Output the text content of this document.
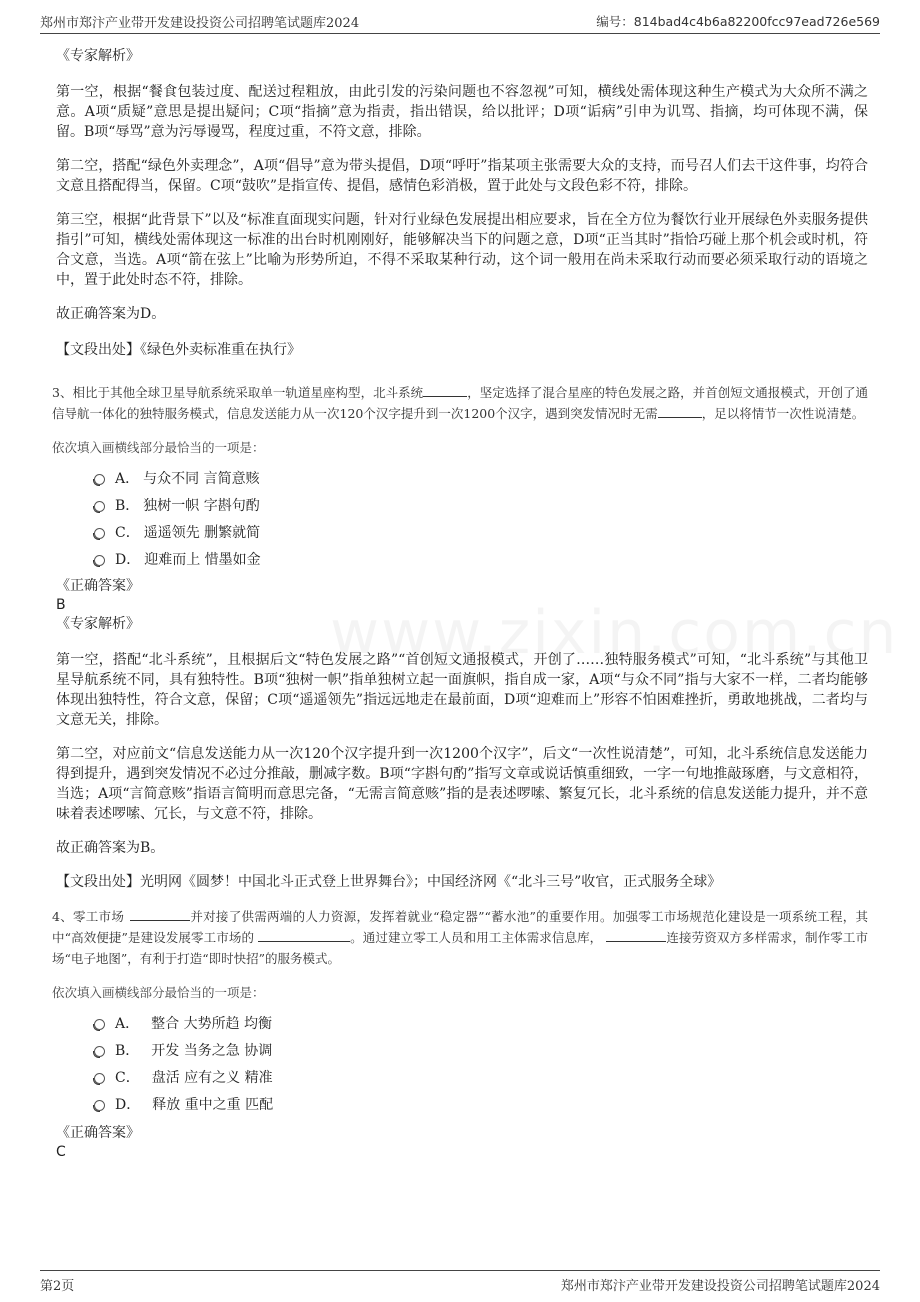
郑州市郑汴产业带开发建设投资公司招聘笔试题库2024	编号：814bad4c4b6a82200fcc97ead726e569
《专家解析》

第一空，根据“餐食包装过度、配送过程粗放，由此引发的污染问题也不容忽视”可知，横线处需体现这种生产模式为大众所不满之意。A项“质疑”意思是提出疑问；C项“指摘”意为指责，指出错误，给以批评；D项“诟病”引申为讥骂、指摘，均可体现不满，保留。B项“辱骂”意为污辱谩骂，程度过重，不符文意，排除。

第二空，搭配“绿色外卖理念”，A项“倡导”意为带头提倡，D项“呼吁”指某项主张需要大众的支持，而号召人们去干这件事，均符合文意且搭配得当，保留。C项“鼓吹”是指宣传、提倡，感情色彩消极，置于此处与文段色彩不符，排除。

第三空，根据“此背景下”以及“标准直面现实问题，针对行业绿色发展提出相应要求，旨在全方位为餐饮行业开展绿色外卖服务提供指引”可知，横线处需体现这一标准的出台时机刚刚好，能够解决当下的问题之意，D项“正当其时”指恰巧碰上那个机会或时机，符合文意，当选。A项“箭在弦上”比喻为形势所迫，不得不采取某种行动，这个词一般用在尚未采取行动而要必须采取行动的语境之中，置于此处时态不符，排除。

故正确答案为D。

【文段出处】《绿色外卖标准重在执行》

3、相比于其他全球卫星导航系统采取单一轨道星座构型，北斗系统	，坚定选择了混合星座的特色发展之路，并首创短文通报模式，开创了通信导航一体化的独特服务模式，信息发送能力从一次120个汉字提升到一次1200个汉字，遇到突发情况时无需	，足以将情节一次性说清楚。

依次填入画横线部分最恰当的一项是：

A． 与众不同 言简意赅
B． 独树一帜 字斟句酌
C． 遥遥领先 删繁就简
D． 迎难而上 惜墨如金
《正确答案》
B
《专家解析》

第一空，搭配“北斗系统”，且根据后文“特色发展之路”“首创短文通报模式，开创了……独特服务模式”可知，“北斗系统”与其他卫星导航系统不同，具有独特性。B项“独树一帜”指单独树立起一面旗帜，指自成一家，A项“与众不同”指与大家不一样，二者均能够体现出独特性，符合文意，保留；C项“遥遥领先”指远远地走在最前面，D项“迎难而上”形容不怕困难挫折，勇敢地挑战，二者均与文意无关，排除。

第二空，对应前文“信息发送能力从一次120个汉字提升到一次1200个汉字”，后文“一次性说清楚”，可知，北斗系统信息发送能力得到提升，遇到突发情况不必过分推敲，删减字数。B项“字斟句酌”指写文章或说话慎重细致，一字一句地推敲琢磨，与文意相符，当选；A项“言简意赅”指语言简明而意思完备，“无需言简意赅”指的是表述啰嗦、繁复冗长，北斗系统的信息发送能力提升，并不意味着表述啰嗦、冗长，与文意不符，排除。

故正确答案为B。

【文段出处】光明网《圆梦！中国北斗正式登上世界舞台》；中国经济网《“北斗三号”收官，正式服务全球》

4、零工市场	并对接了供需两端的人力资源，发挥着就业“稳定器”“蓄水池”的重要作用。加强零工市场规范化建设是一项系统工程，其中“高效便捷”是建设发展零工市场的	。通过建立零工人员和用工主体需求信息库，	连接劳资双方多样需求，制作零工市场“电子地图”，有利于打造“即时快招”的服务模式。

依次填入画横线部分最恰当的一项是：

A． 整合 大势所趋 均衡
B． 开发 当务之急 协调
C． 盘活 应有之义 精准
D． 释放 重中之重 匹配
《正确答案》
C
第2页	郑州市郑汴产业带开发建设投资公司招聘笔试题库2024
